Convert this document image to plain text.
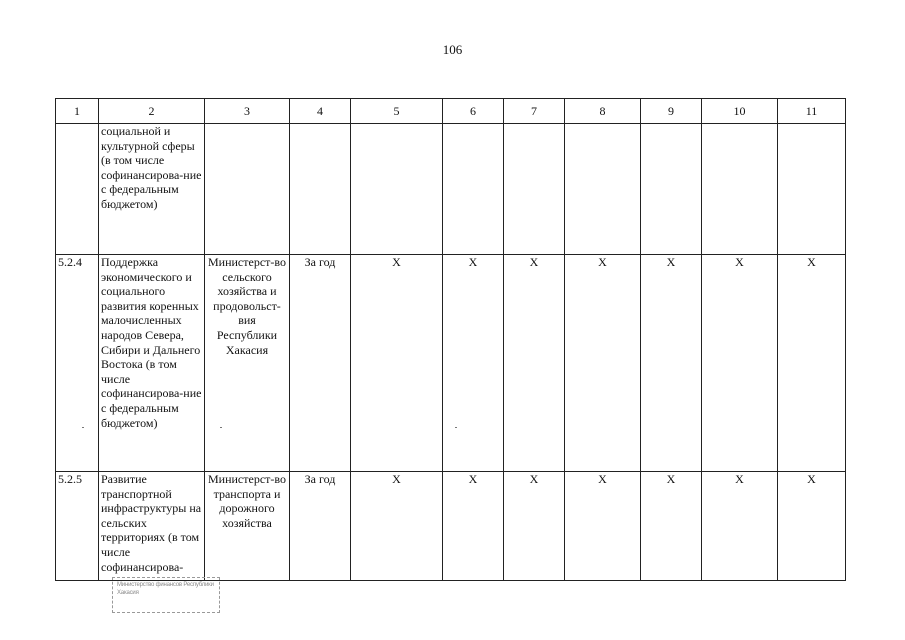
106
1	2	3	4	5	6	7	8	9	10	11
	социальной и культурной сферы (в том числе софинансирова-ние с федеральным бюджетом)									
5.2.4	Поддержка экономического и социального развития коренных малочисленных народов Севера, Сибири и Дальнего Востока (в том числе софинансирова-ние с федеральным бюджетом)	Министерст-во сельского хозяйства и продовольст-вия Республики Хакасия	За год	Х	Х	Х	Х	Х	Х	Х
5.2.5	Развитие транспортной инфраструктуры на сельских территориях (в том числе софинансирова-	Министерст-во транспорта и дорожного хозяйства	За год	Х	Х	Х	Х	Х	Х	Х
Министерство финансов Республики Хакасия
